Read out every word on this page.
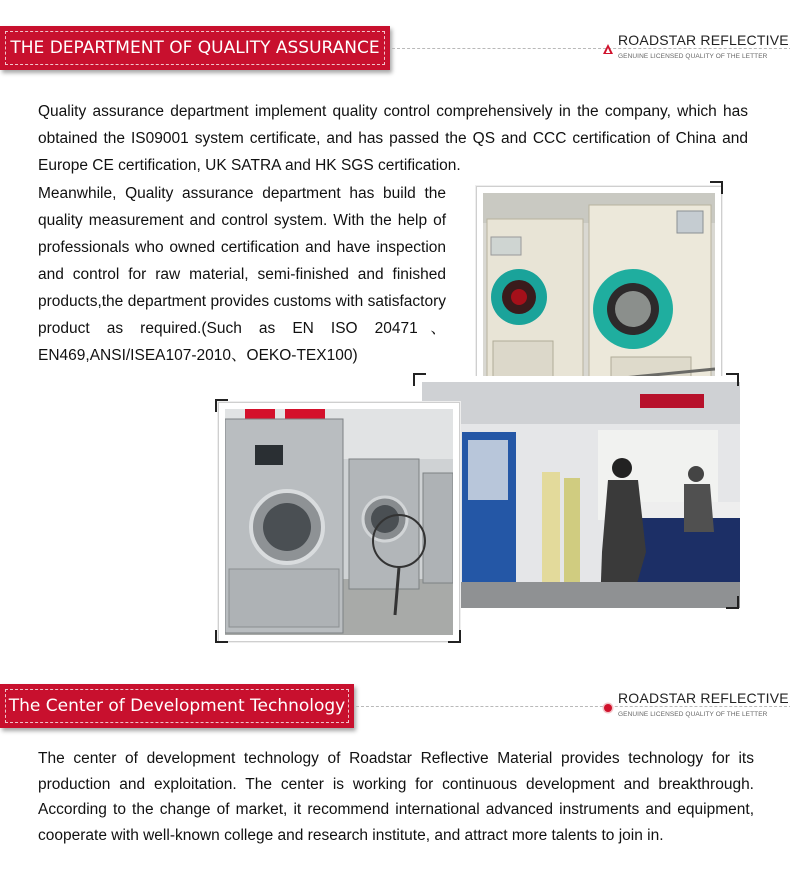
THE DEPARTMENT OF QUALITY ASSURANCE	ROADSTAR REFLECTIVE
GENUINE LICENSED QUALITY OF THE LETTER

Quality assurance department implement quality control comprehensively in the company, which has obtained the IS09001 system certificate, and has passed the QS and CCC certification of China and Europe CE certification, UK SATRA and HK SGS certification.

Meanwhile, Quality assurance department has build the quality measurement and control system. With the help of professionals who owned certification and have inspection and control for raw material, semi-finished and finished products,the department provides customs with satisfactory product as required.(Such as EN ISO 20471、EN469,ANSI/ISEA107-2010、OEKO-TEX100)

The Center of Development Technology	ROADSTAR REFLECTIVE
GENUINE LICENSED QUALITY OF THE LETTER

The center of development technology of Roadstar Reflective Material provides technology for its production and exploitation. The center is working for continuous development and breakthrough. According to the change of market, it recommend international advanced instruments and equipment, cooperate with well-known college and research institute, and attract more talents to join in.
